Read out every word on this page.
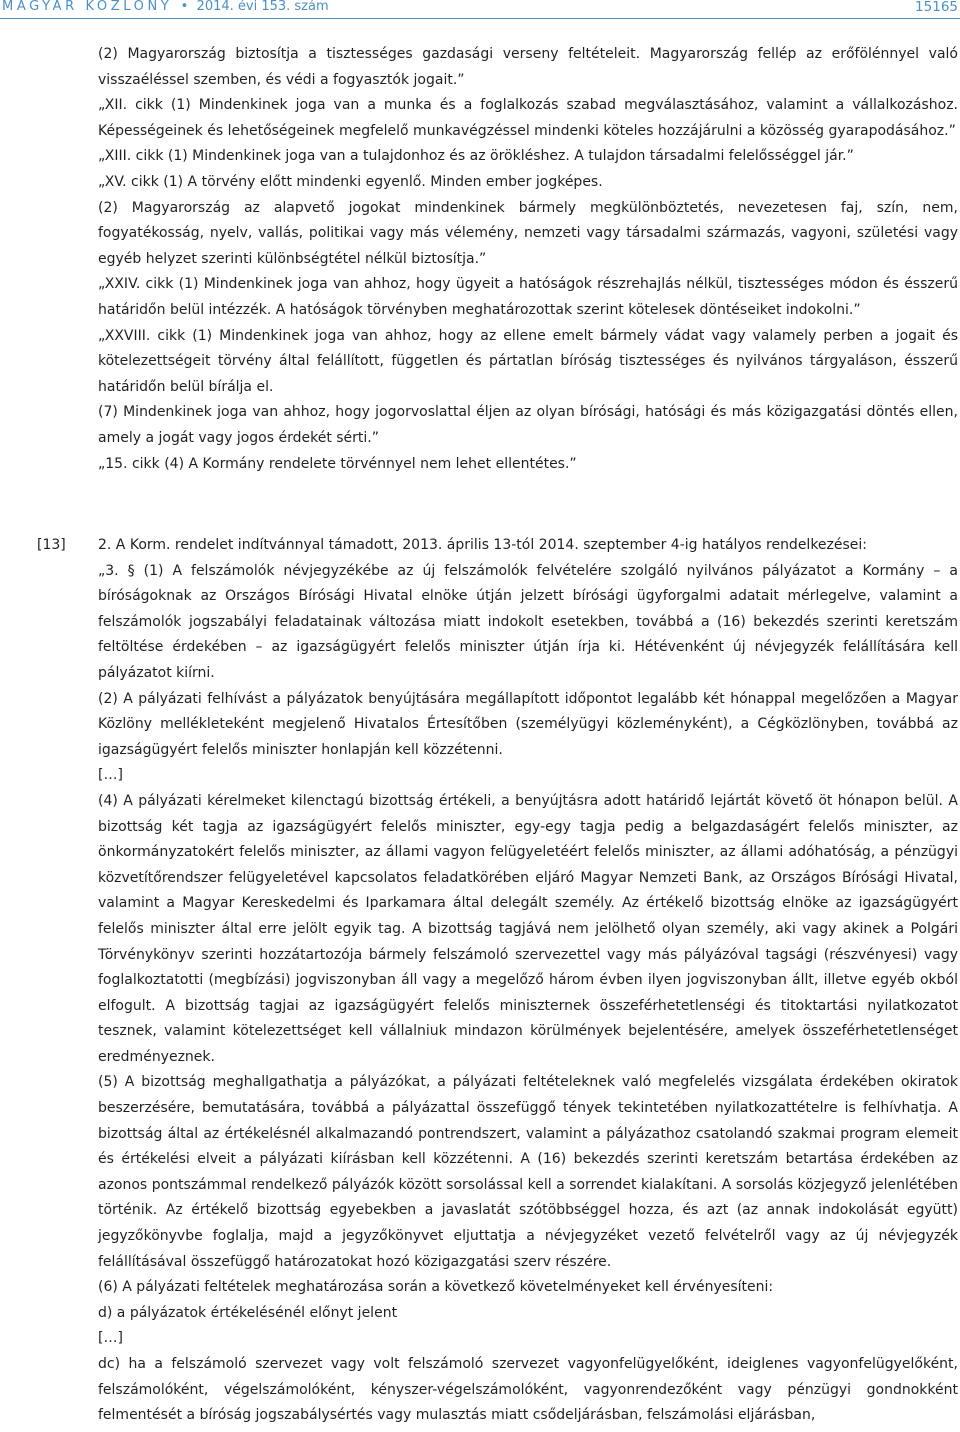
MAGYAR KÖZLÖNY  •  2014. évi 153. szám	15165

(2) Magyarország biztosítja a tisztességes gazdasági verseny feltételeit. Magyarország fellép az erőfölénnyel való visszaéléssel szemben, és védi a fogyasztók jogait.”

„XII. cikk (1) Mindenkinek joga van a munka és a foglalkozás szabad megválasztásához, valamint a vállalkozáshoz. Képességeinek és lehetőségeinek megfelelő munkavégzéssel mindenki köteles hozzájárulni a közösség gyarapodásához.”

„XIII. cikk (1) Mindenkinek joga van a tulajdonhoz és az örökléshez. A tulajdon társadalmi felelősséggel jár.”

„XV. cikk (1) A törvény előtt mindenki egyenlő. Minden ember jogképes.

(2) Magyarország az alapvető jogokat mindenkinek bármely megkülönböztetés, nevezetesen faj, szín, nem, fogyatékosság, nyelv, vallás, politikai vagy más vélemény, nemzeti vagy társadalmi származás, vagyoni, születési vagy egyéb helyzet szerinti különbségtétel nélkül biztosítja.”

„XXIV. cikk (1) Mindenkinek joga van ahhoz, hogy ügyeit a hatóságok részrehajlás nélkül, tisztességes módon és ésszerű határidőn belül intézzék. A hatóságok törvényben meghatározottak szerint kötelesek döntéseiket indokolni.”

„XXVIII. cikk (1) Mindenkinek joga van ahhoz, hogy az ellene emelt bármely vádat vagy valamely perben a jogait és kötelezettségeit törvény által felállított, független és pártatlan bíróság tisztességes és nyilvános tárgyaláson, ésszerű határidőn belül bírálja el.

(7) Mindenkinek joga van ahhoz, hogy jogorvoslattal éljen az olyan bírósági, hatósági és más közigazgatási döntés ellen, amely a jogát vagy jogos érdekét sérti.”

„15. cikk (4) A Kormány rendelete törvénnyel nem lehet ellentétes.”

[13] 2. A Korm. rendelet indítvánnyal támadott, 2013. április 13-tól 2014. szeptember 4-ig hatályos rendelkezései:

„3. § (1) A felszámolók névjegyzékébe az új felszámolók felvételére szolgáló nyilvános pályázatot a Kormány – a bíróságoknak az Országos Bírósági Hivatal elnöke útján jelzett bírósági ügyforgalmi adatait mérlegelve, valamint a felszámolók jogszabályi feladatainak változása miatt indokolt esetekben, továbbá a (16) bekezdés szerinti keretszám feltöltése érdekében – az igazságügyért felelős miniszter útján írja ki. Hétévenként új névjegyzék felállítására kell pályázatot kiírni.

(2) A pályázati felhívást a pályázatok benyújtására megállapított időpontot legalább két hónappal megelőzően a Magyar Közlöny mellékleteként megjelenő Hivatalos Értesítőben (személyügyi közleményként), a Cégközlönyben, továbbá az igazságügyért felelős miniszter honlapján kell közzétenni.

[…]

(4) A pályázati kérelmeket kilenctagú bizottság értékeli, a benyújtásra adott határidő lejártát követő öt hónapon belül. A bizottság két tagja az igazságügyért felelős miniszter, egy-egy tagja pedig a belgazdaságért felelős miniszter, az önkormányzatokért felelős miniszter, az állami vagyon felügyeletéért felelős miniszter, az állami adóhatóság, a pénzügyi közvetítőrendszer felügyeletével kapcsolatos feladatkörében eljáró Magyar Nemzeti Bank, az Országos Bírósági Hivatal, valamint a Magyar Kereskedelmi és Iparkamara által delegált személy. Az értékelő bizottság elnöke az igazságügyért felelős miniszter által erre jelölt egyik tag. A bizottság tagjává nem jelölhető olyan személy, aki vagy akinek a Polgári Törvénykönyv szerinti hozzátartozója bármely felszámoló szervezettel vagy más pályázóval tagsági (részvényesi) vagy foglalkoztatotti (megbízási) jogviszonyban áll vagy a megelőző három évben ilyen jogviszonyban állt, illetve egyéb okból elfogult. A bizottság tagjai az igazságügyért felelős miniszternek összeférhetetlenségi és titoktartási nyilatkozatot tesznek, valamint kötelezettséget kell vállalniuk mindazon körülmények bejelentésére, amelyek összeférhetetlenséget eredményeznek.

(5) A bizottság meghallgathatja a pályázókat, a pályázati feltételeknek való megfelelés vizsgálata érdekében okiratok beszerzésére, bemutatására, továbbá a pályázattal összefüggő tények tekintetében nyilatkozattételre is felhívhatja. A bizottság által az értékelésnél alkalmazandó pontrendszert, valamint a pályázathoz csatolandó szakmai program elemeit és értékelési elveit a pályázati kiírásban kell közzétenni. A (16) bekezdés szerinti keretszám betartása érdekében az azonos pontszámmal rendelkező pályázók között sorsolással kell a sorrendet kialakítani. A sorsolás közjegyző jelenlétében történik. Az értékelő bizottság egyebekben a javaslatát szótöbbséggel hozza, és azt (az annak indokolását együtt) jegyzőkönyvbe foglalja, majd a jegyzőkönyvet eljuttatja a névjegyzéket vezető felvételről vagy az új névjegyzék felállításával összefüggő határozatokat hozó közigazgatási szerv részére.

(6) A pályázati feltételek meghatározása során a következő követelményeket kell érvényesíteni:

d) a pályázatok értékelésénél előnyt jelent

[…]

dc) ha a felszámoló szervezet vagy volt felszámoló szervezet vagyonfelügyelőként, ideiglenes vagyonfelügyelőként, felszámolóként, végelszámolóként, kényszer-végelszámolóként, vagyonrendezőként vagy pénzügyi gondnokként felmentését a bíróság jogszabálysértés vagy mulasztás miatt csődeljárásban, felszámolási eljárásban,
